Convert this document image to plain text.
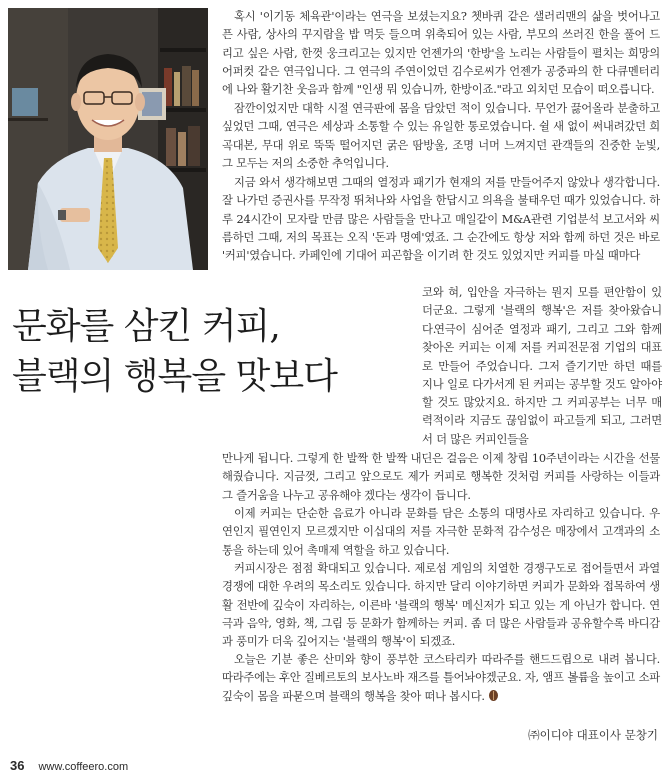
혹시 '이기동 체육관'이라는 연극을 보셨는지요? 쳇바퀴 같은 샐러리맨의 삶을 벗어나고 픈 사람, 상사의 꾸지람을 밥 먹듯 들으며 위축되어 있는 사람, 부모의 쓰러진 한을 풀어 드리고 싶은 사람, 한껏 웅크리고는 있지만 언젠가의 '한방'을 노리는 사람들이 펼치는 희망의 어퍼컷 같은 연극입니다. 그 연극의 주연이었던 김수로씨가 언젠가 공중파의 한 다큐멘터리에 나와 활기찬 웃음과 함께 "인생 뭐 있습니까, 한방이죠."라고 외치던 모습이 떠오릅니다.

잠깐이었지만 대학 시절 연극판에 몸을 담았던 적이 있습니다. 무언가 끓어올라 분출하고 싶었던 그때, 연극은 세상과 소통할 수 있는 유일한 통로였습니다. 쉴 새 없이 써내려갔던 희곡대본, 무대 위로 뚝뚝 떨어지던 굵은 땀방울, 조명 너머 느껴지던 관객들의 진중한 눈빛, 그 모두는 저의 소중한 추억입니다.

지금 와서 생각해보면 그때의 열정과 패기가 현재의 저를 만들어주지 않았나 생각합니다. 잘 나가던 증권사를 무작정 뛰쳐나와 사업을 한답시고 의욕을 불태우던 때가 있었습니다. 하루 24시간이 모자랄 만큼 많은 사람들을 만나고 매일같이 M&A관련 기업분석 보고서와 씨름하던 그때, 저의 목표는 오직 '돈과 명예'였죠. 그 순간에도 항상 저와 함께 하던 것은 바로 '커피'였습니다. 카페인에 기대어 피곤함을 이기려 한 것도 있었지만 커피를 마실 때마다

문화를 삼킨 커피,
블랙의 행복을 맛보다

코와 혀, 입안을 자극하는 뭔지 모를 편안함이 있더군요. 그렇게 '블랙의 행복'은 저를 찾아왔습니다.

연극이 심어준 열정과 패기, 그리고 그와 함께 찾아온 커피는 이제 저를 커피전문점 기업의 대표로 만들어 주었습니다. 그저 즐기기만 하던 때를 지나 일로 다가서게 된 커피는 공부할 것도 알아야할 것도 많았지요. 하지만 그 커피공부는 너무 매력적이라 지금도 끊임없이 파고들게 되고, 그러면서 더 많은 커피인들을

만나게 됩니다. 그렇게 한 발짝 한 발짝 내딘은 걸음은 이제 창립 10주년이라는 시간을 선물해줬습니다. 지금껏, 그리고 앞으로도 제가 커피로 행복한 것처럼 커피를 사랑하는 이들과 그 즐거움을 나누고 공유해야 겠다는 생각이 듭니다.

이제 커피는 단순한 음료가 아니라 문화를 담은 소통의 대명사로 자리하고 있습니다. 우연인지 필연인지 모르겠지만 이십대의 저를 자극한 문화적 감수성은 매장에서 고객과의 소통을 하는데 있어 촉매제 역할을 하고 있습니다.

커피시장은 점점 확대되고 있습니다. 제로섬 게임의 치열한 경쟁구도로 접어들면서 과열경쟁에 대한 우려의 목소리도 있습니다. 하지만 달리 이야기하면 커피가 문화와 접목하여 생활 전반에 깊숙이 자리하는, 이른바 '블랙의 행복' 메신저가 되고 있는 게 아닌가 합니다. 연극과 음악, 영화, 책, 그림 등 문화가 함께하는 커피. 좀 더 많은 사람들과 공유할수록 바디감과 풍미가 더욱 깊어지는 '블랙의 행복'이 되겠죠.

오늘은 기분 좋은 산미와 향이 풍부한 코스타리카 따라주를 핸드드립으로 내려 봅니다. 따라주에는 후안 질베르토의 보사노바 재즈를 틀어놔야겠군요. 자, 앰프 볼륨을 높이고 소파 깊숙이 몸을 파묻으며 블랙의 행복을 찾아 떠나 봅시다.

㈜이디야 대표이사 문창기

36 www.coffeero.com
